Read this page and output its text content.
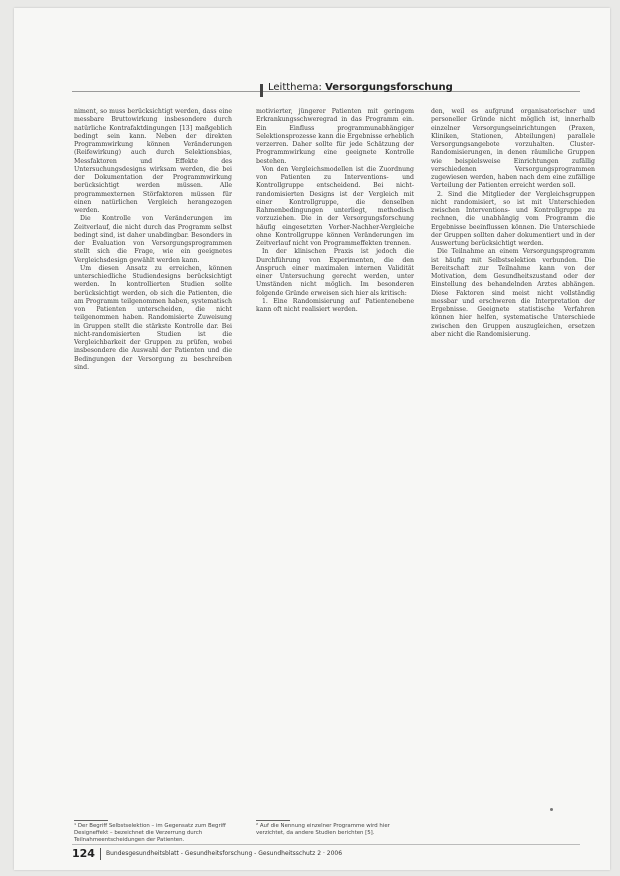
Leitthema: Versorgungsforschung

niment, so muss berücksichtigt werden, dass eine messbare Bruttowirkung insbesondere durch natürliche Kontrafaktdingungen [13] maßgeblich bedingt sein kann. Neben der direkten Programmwirkung können Veränderungen (Reifewirkung) auch durch Selektionsbias, Messfaktoren und Effekte des Untersuchungsdesigns wirksam werden, die bei der Dokumentation der Programmwirkung berücksichtigt werden müssen. Alle programmexternen Störfaktoren müssen für einen natürlichen Vergleich herangezogen werden.

Die Kontrolle von Veränderungen im Zeitverlauf, die nicht durch das Programm selbst bedingt sind, ist daher unabdingbar. Besonders in der Evaluation von Versorgungsprogrammen stellt sich die Frage, wie ein geeignetes Vergleichsdesign gewählt werden kann.

Um diesen Ansatz zu erreichen, können unterschiedliche Studiendesigns berücksichtigt werden. In kontrollierten Studien sollte berücksichtigt werden, ob sich die Patienten, die am Programm teilgenommen haben, systematisch von Patienten unterscheiden, die nicht teilgenommen haben. Randomisierte Zuweisung in Gruppen stellt die stärkste Kontrolle dar. Bei nicht-randomisierten Studien ist die Vergleichbarkeit der Gruppen zu prüfen, wobei insbesondere die Auswahl der Patienten und die Bedingungen der Versorgung zu beschreiben sind.

motivierter, jüngerer Patienten mit geringem Erkrankungsschweregrad in das Programm ein. Ein Einfluss programmunabhängiger Selektionsprozesse kann die Ergebnisse erheblich verzerren. Daher sollte für jede Schätzung der Programmwirkung eine geeignete Kontrolle bestehen.

Von den Vergleichsmodellen ist die Zuordnung von Patienten zu Interventions- und Kontrollgruppe entscheidend. Bei nicht-randomisierten Designs ist der Vergleich mit einer Kontrollgruppe, die denselben Rahmenbedingungen unterliegt, methodisch vorzuziehen. Die in der Versorgungsforschung häufig eingesetzten Vorher-Nachher-Vergleiche ohne Kontrollgruppe können Veränderungen im Zeitverlauf nicht von Programmeffekten trennen.

In der klinischen Praxis ist jedoch die Durchführung von Experimenten, die den Anspruch einer maximalen internen Validität einer Untersuchung gerecht werden, unter Umständen nicht möglich. Im besonderen folgende Gründe erweisen sich hier als kritisch:

1. Eine Randomisierung auf Patientenebene kann oft nicht realisiert werden.

den, weil es aufgrund organisatorischer und personeller Gründe nicht möglich ist, innerhalb einzelner Versorgungseinrichtungen (Praxen, Kliniken, Stationen, Abteilungen) parallele Versorgungsangebote vorzuhalten. Cluster-Randomisierungen, in denen räumliche Gruppen wie beispielsweise Einrichtungen zufällig verschiedenen Versorgungsprogrammen zugewiesen werden, haben nach dem eine zufällige Verteilung der Patienten erreicht werden soll.

2. Sind die Mitglieder der Vergleichsgruppen nicht randomisiert, so ist mit Unterschieden zwischen Interventions- und Kontrollgruppe zu rechnen, die unabhängig vom Programm die Ergebnisse beeinflussen können. Die Unterschiede der Gruppen sollten daher dokumentiert und in der Auswertung berücksichtigt werden.

Die Teilnahme an einem Versorgungsprogramm ist häufig mit Selbstselektion verbunden. Die Bereitschaft zur Teilnahme kann von der Motivation, dem Gesundheitszustand oder der Einstellung des behandelnden Arztes abhängen. Diese Faktoren sind meist nicht vollständig messbar und erschweren die Interpretation der Ergebnisse. Geeignete statistische Verfahren können hier helfen, systematische Unterschiede zwischen den Gruppen auszugleichen, ersetzen aber nicht die Randomisierung.

¹ Der Begriff Selbstselektion – im Gegensatz zum Begriff Designeffekt – bezeichnet die Verzerrung durch Teilnahmeentscheidungen der Patienten.
² Auf die Nennung einzelner Programme wird hier verzichtet, da andere Studien berichten [5].
124 Bundesgesundheitsblatt - Gesundheitsforschung - Gesundheitsschutz 2 · 2006
